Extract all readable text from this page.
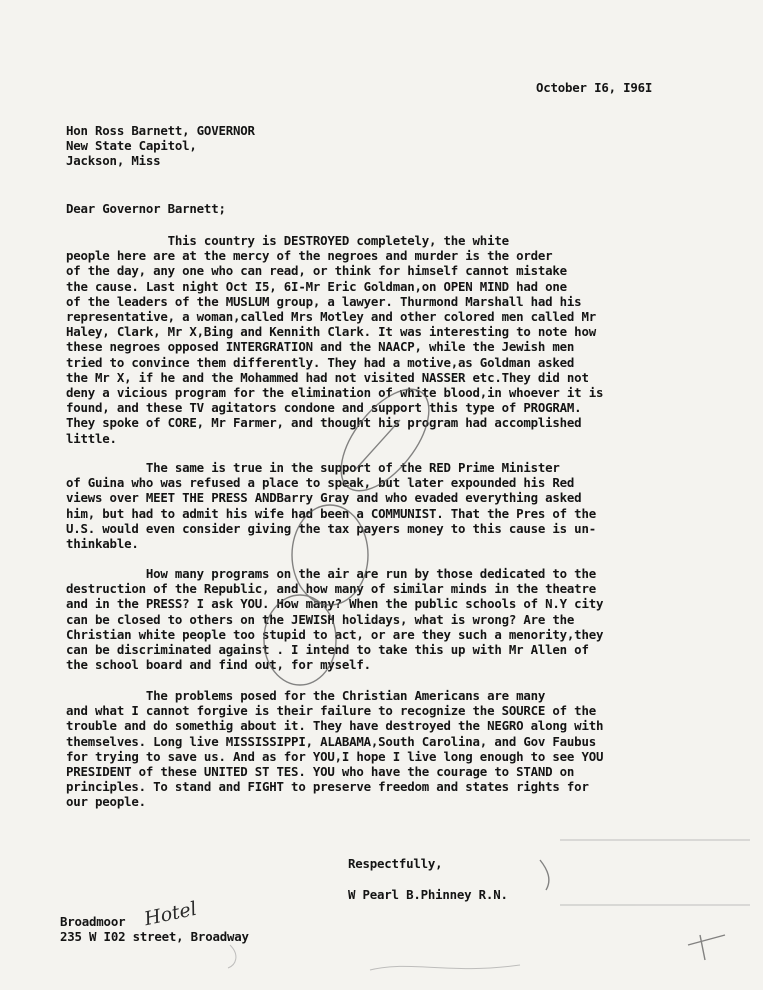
October I6, I96I
Hon Ross Barnett, GOVERNOR
New State Capitol,
Jackson, Miss
Dear Governor Barnett;
This country is DESTROYED completely, the white
people here are at the mercy of the negroes and murder is the order
of the day, any one who can read, or think for himself cannot mistake
the cause. Last night Oct I5, 6I-Mr Eric Goldman,on OPEN MIND had one
of the leaders of the MUSLUM group, a lawyer. Thurmond Marshall had his
representative, a woman,called Mrs Motley and other colored men called Mr
Haley, Clark, Mr X,Bing and Kennith Clark. It was interesting to note how
these negroes opposed INTERGRATION and the NAACP, while the Jewish men
tried to convince them differently. They had a motive,as Goldman asked
the Mr X, if he and the Mohammed had not visited NASSER etc.They did not
deny a vicious program for the elimination of white blood,in whoever it is
found, and these TV agitators condone and support this type of PROGRAM.
They spoke of CORE, Mr Farmer, and thought his program had accomplished
little.
The same is true in the support of the RED Prime Minister
of Guina who was refused a place to speak, but later expounded his Red
views over MEET THE PRESS ANDBarry Gray and who evaded everything asked
him, but had to admit his wife had been a COMMUNIST. That the Pres of the
U.S. would even consider giving the tax payers money to this cause is un-
thinkable.
How many programs on the air are run by those dedicated to the
destruction of the Republic, and how many of similar minds in the theatre
and in the PRESS? I ask YOU. How many? When the public schools of N.Y city
can be closed to others on the JEWISH holidays, what is wrong? Are the
Christian white people too stupid to act, or are they such a menority,they
can be discriminated against . I intend to take this up with Mr Allen of
the school board and find out, for myself.
The problems posed for the Christian Americans are many
and what I cannot forgive is their failure to recognize the SOURCE of the
trouble and do somethig about it. They have destroyed the NEGRO along with
themselves. Long live MISSISSIPPI, ALABAMA,South Carolina, and Gov Faubus
for trying to save us. And as for YOU,I hope I live long enough to see YOU
PRESIDENT of these UNITED ST TES. YOU who have the courage to STAND on
principles. To stand and FIGHT to preserve freedom and states rights for
our people.
Respectfully,
W Pearl B.Phinney R.N.
Broadmoor
235 W I02 street, Broadway
Hotel
